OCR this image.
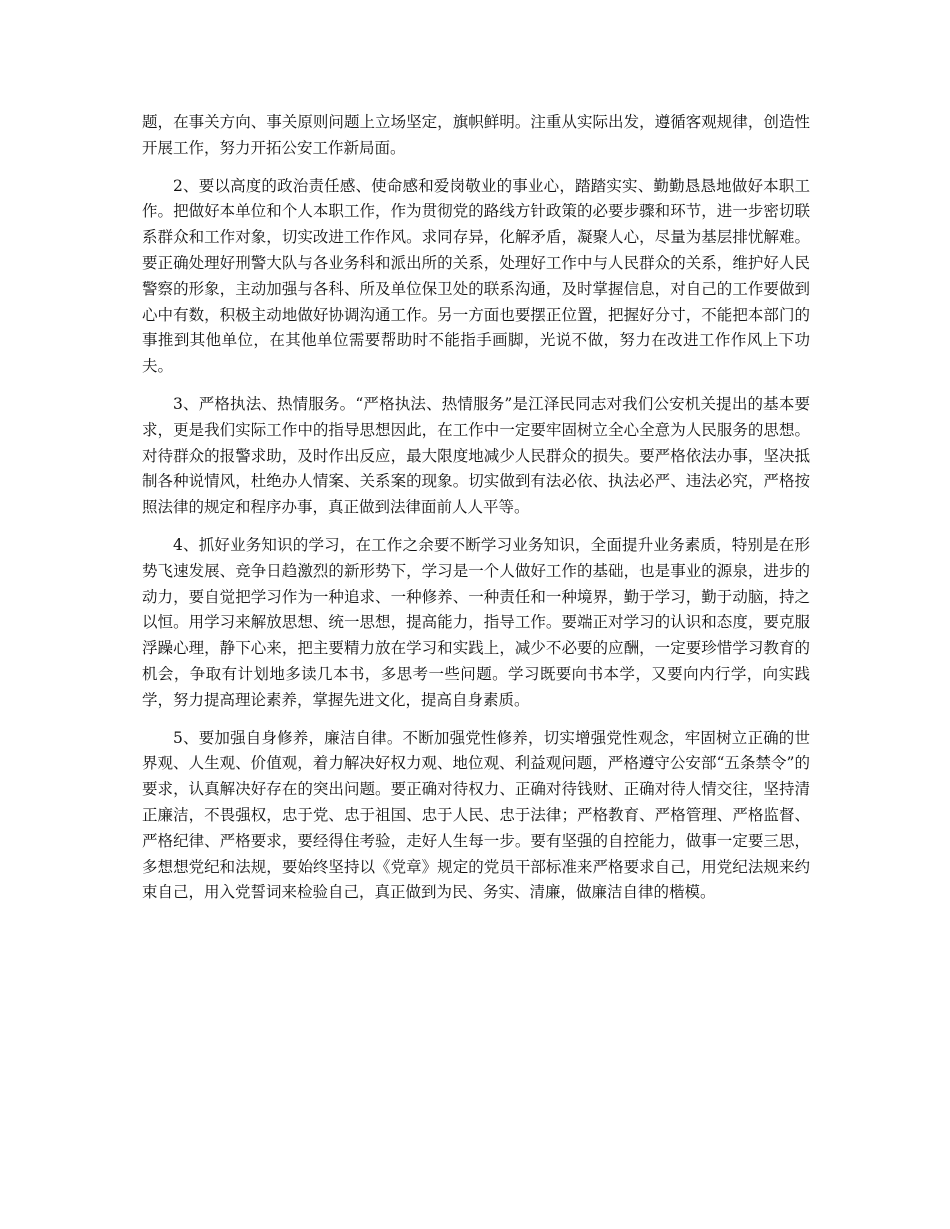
题，在事关方向、事关原则问题上立场坚定，旗帜鲜明。注重从实际出发，遵循客观规律，创造性开展工作，努力开拓公安工作新局面。

2、要以高度的政治责任感、使命感和爱岗敬业的事业心，踏踏实实、勤勤恳恳地做好本职工作。把做好本单位和个人本职工作，作为贯彻党的路线方针政策的必要步骤和环节，进一步密切联系群众和工作对象，切实改进工作作风。求同存异，化解矛盾，凝聚人心，尽量为基层排忧解难。要正确处理好刑警大队与各业务科和派出所的关系，处理好工作中与人民群众的关系，维护好人民警察的形象，主动加强与各科、所及单位保卫处的联系沟通，及时掌握信息，对自己的工作要做到心中有数，积极主动地做好协调沟通工作。另一方面也要摆正位置，把握好分寸，不能把本部门的事推到其他单位，在其他单位需要帮助时不能指手画脚，光说不做，努力在改进工作作风上下功夫。

3、严格执法、热情服务。“严格执法、热情服务”是江泽民同志对我们公安机关提出的基本要求，更是我们实际工作中的指导思想因此，在工作中一定要牢固树立全心全意为人民服务的思想。对待群众的报警求助，及时作出反应，最大限度地减少人民群众的损失。要严格依法办事，坚决抵制各种说情风，杜绝办人情案、关系案的现象。切实做到有法必依、执法必严、违法必究，严格按照法律的规定和程序办事，真正做到法律面前人人平等。

4、抓好业务知识的学习，在工作之余要不断学习业务知识，全面提升业务素质，特别是在形势飞速发展、竞争日趋激烈的新形势下，学习是一个人做好工作的基础，也是事业的源泉，进步的动力，要自觉把学习作为一种追求、一种修养、一种责任和一种境界，勤于学习，勤于动脑，持之以恒。用学习来解放思想、统一思想，提高能力，指导工作。要端正对学习的认识和态度，要克服浮躁心理，静下心来，把主要精力放在学习和实践上，减少不必要的应酬，一定要珍惜学习教育的机会，争取有计划地多读几本书，多思考一些问题。学习既要向书本学，又要向内行学，向实践学，努力提高理论素养，掌握先进文化，提高自身素质。

5、要加强自身修养，廉洁自律。不断加强党性修养，切实增强党性观念，牢固树立正确的世界观、人生观、价值观，着力解决好权力观、地位观、利益观问题，严格遵守公安部“五条禁令”的要求，认真解决好存在的突出问题。要正确对待权力、正确对待钱财、正确对待人情交往，坚持清正廉洁，不畏强权，忠于党、忠于祖国、忠于人民、忠于法律；严格教育、严格管理、严格监督、严格纪律、严格要求，要经得住考验，走好人生每一步。要有坚强的自控能力，做事一定要三思，多想想党纪和法规，要始终坚持以《党章》规定的党员干部标准来严格要求自己，用党纪法规来约束自己，用入党誓词来检验自己，真正做到为民、务实、清廉，做廉洁自律的楷模。
